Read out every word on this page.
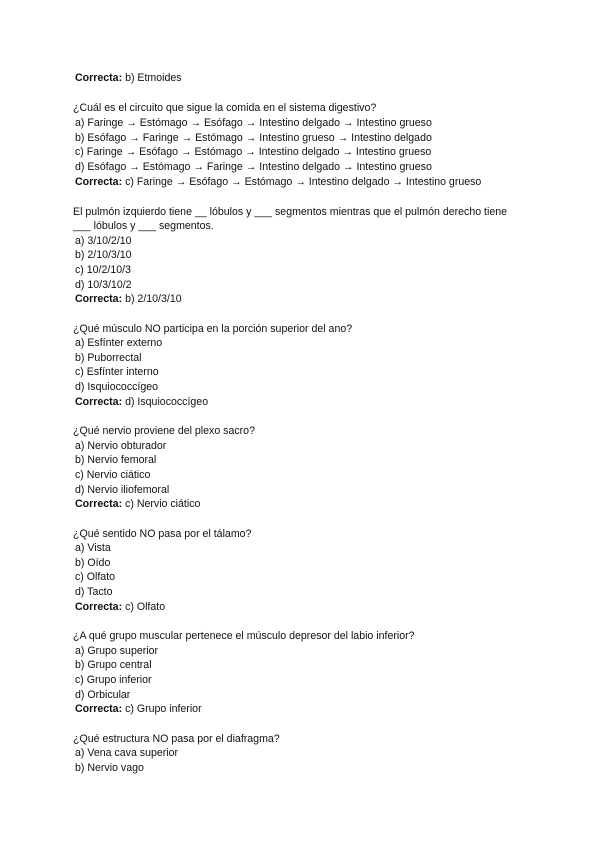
Correcta: b) Etmoides
¿Cuál es el circuito que sigue la comida en el sistema digestivo?
a) Faringe → Estómago → Esófago → Intestino delgado → Intestino grueso
b) Esófago → Faringe → Estómago → Intestino grueso → Intestino delgado
c) Faringe → Esófago → Estómago → Intestino delgado → Intestino grueso
d) Esófago → Estómago → Faringe → Intestino delgado → Intestino grueso
Correcta: c) Faringe → Esófago → Estómago → Intestino delgado → Intestino grueso
El pulmón izquierdo tiene __ lóbulos y ___ segmentos mientras que el pulmón derecho tiene
___ lóbulos y ___ segmentos.
a) 3/10/2/10
b) 2/10/3/10
c) 10/2/10/3
d) 10/3/10/2
Correcta: b) 2/10/3/10
¿Qué músculo NO participa en la porción superior del ano?
a) Esfínter externo
b) Puborrectal
c) Esfínter interno
d) Isquiococcígeo
Correcta: d) Isquiococcígeo
¿Qué nervio proviene del plexo sacro?
a) Nervio obturador
b) Nervio femoral
c) Nervio ciático
d) Nervio iliofemoral
Correcta: c) Nervio ciático
¿Qué sentido NO pasa por el tálamo?
a) Vista
b) Oído
c) Olfato
d) Tacto
Correcta: c) Olfato
¿A qué grupo muscular pertenece el músculo depresor del labio inferior?
a) Grupo superior
b) Grupo central
c) Grupo inferior
d) Orbicular
Correcta: c) Grupo inferior
¿Qué estructura NO pasa por el diafragma?
a) Vena cava superior
b) Nervio vago
